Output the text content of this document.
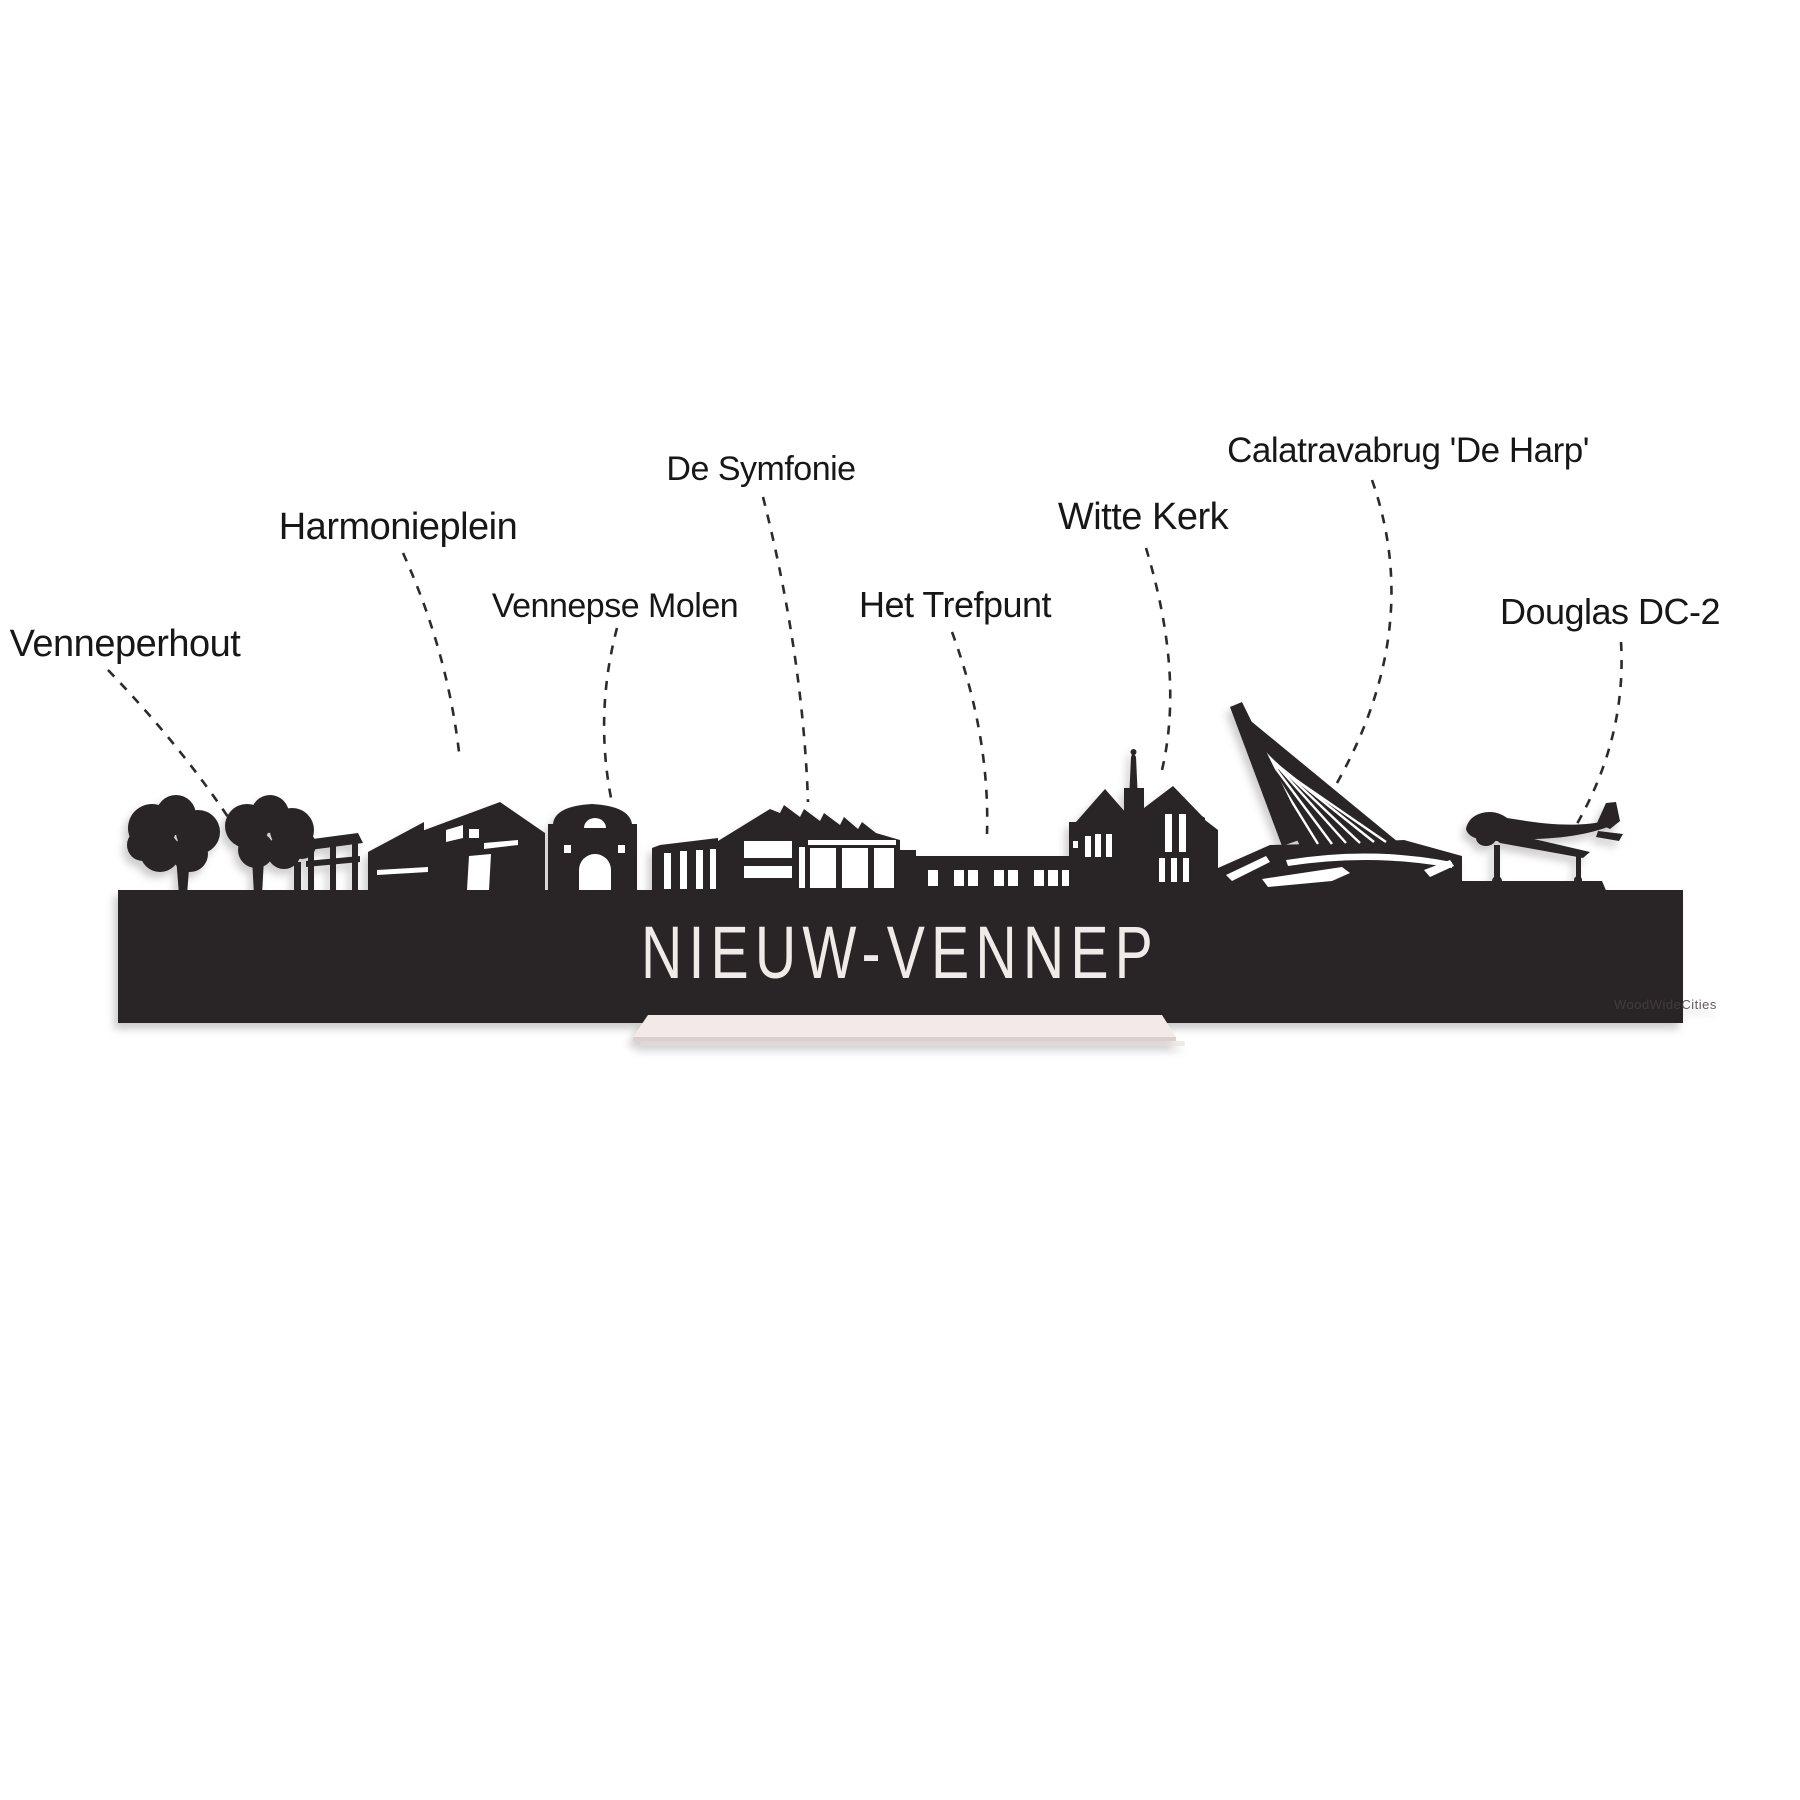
NIEUW-VENNEP
WoodWideCities
Venneperhout
Harmonieplein
Vennepse Molen
De Symfonie
Het Trefpunt
Witte Kerk
Calatravabrug 'De Harp'
Douglas DC-2
